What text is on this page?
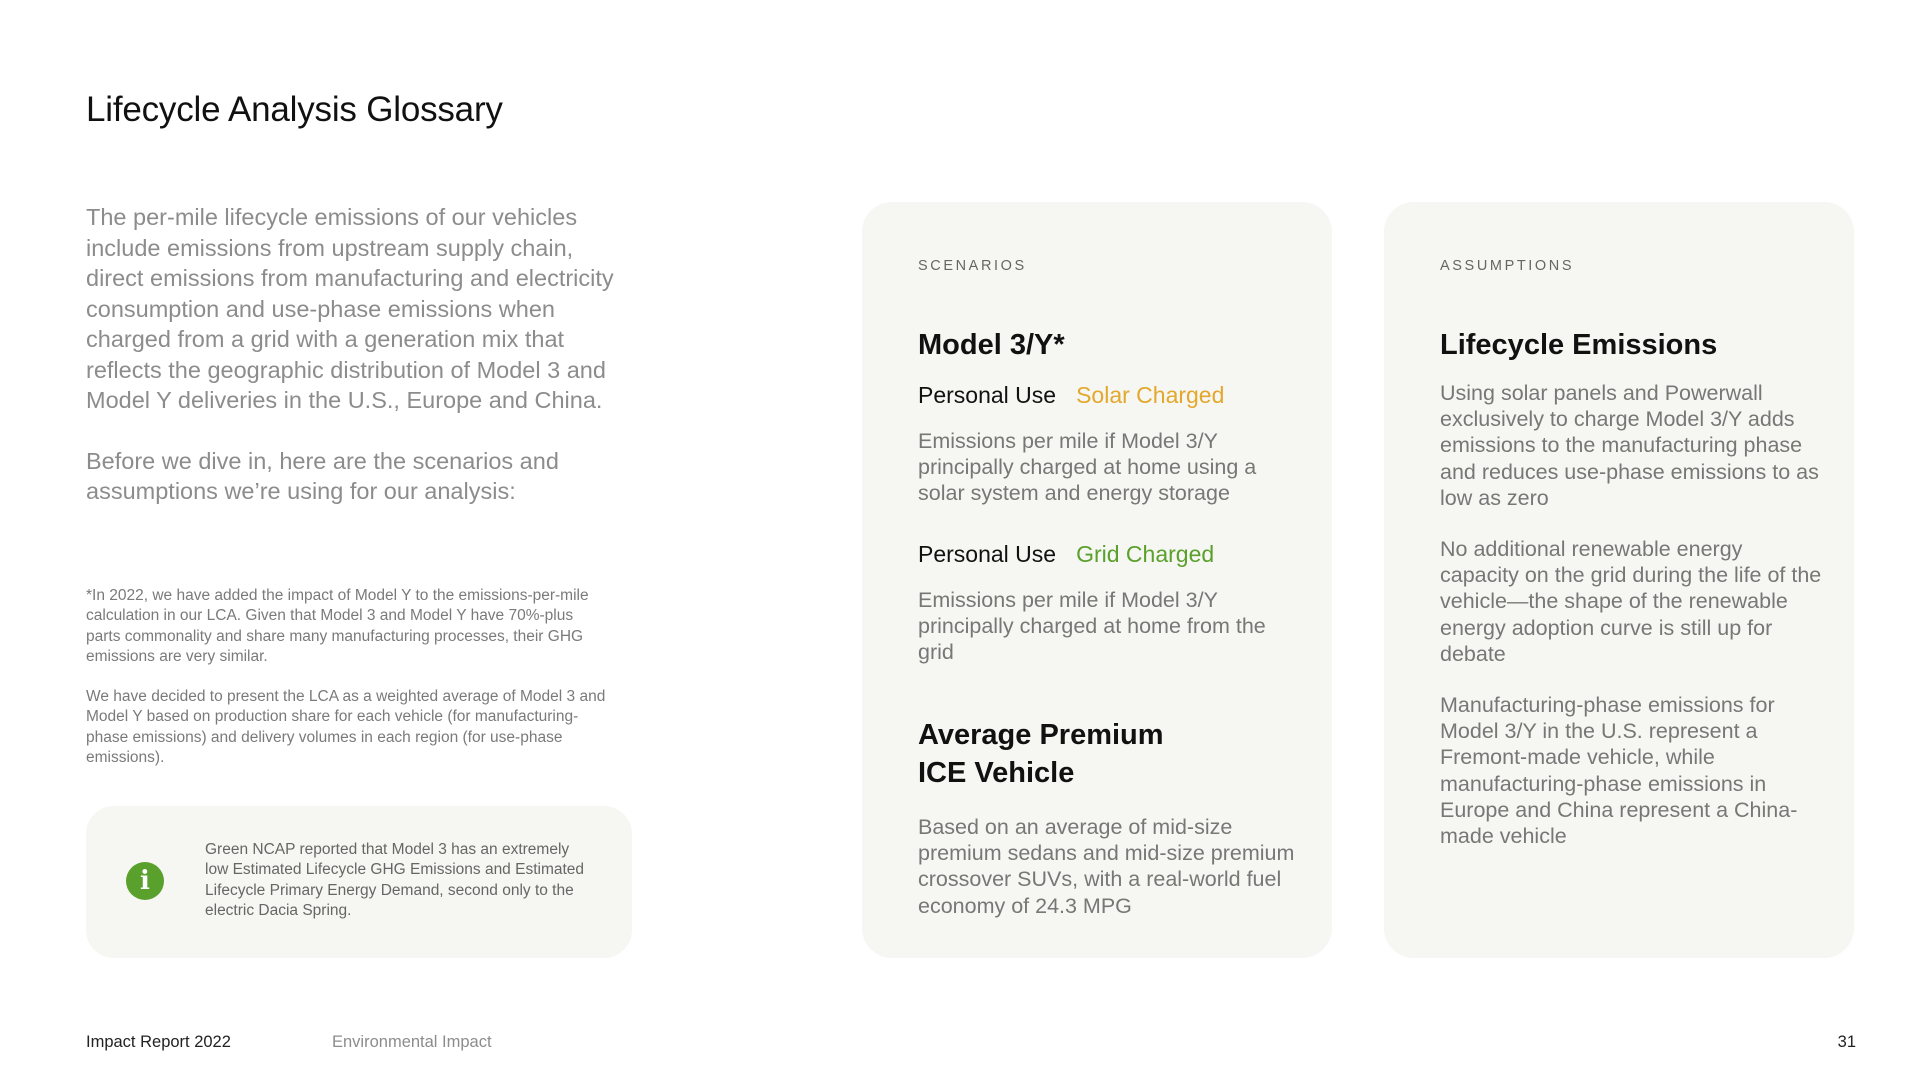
Lifecycle Analysis Glossary

The per-mile lifecycle emissions of our vehicles include emissions from upstream supply chain, direct emissions from manufacturing and electricity consumption and use-phase emissions when charged from a grid with a generation mix that reflects the geographic distribution of Model 3 and Model Y deliveries in the U.S., Europe and China.

Before we dive in, here are the scenarios and assumptions we’re using for our analysis:

*In 2022, we have added the impact of Model Y to the emissions-per-mile calculation in our LCA. Given that Model 3 and Model Y have 70%-plus parts commonality and share many manufacturing processes, their GHG emissions are very similar.

We have decided to present the LCA as a weighted average of Model 3 and Model Y based on production share for each vehicle (for manufacturing-phase emissions) and delivery volumes in each region (for use-phase emissions).

i

Green NCAP reported that Model 3 has an extremely low Estimated Lifecycle GHG Emissions and Estimated Lifecycle Primary Energy Demand, second only to the electric Dacia Spring.

SCENARIOS
Model 3/Y*
Personal Use Solar Charged

Emissions per mile if Model 3/Y principally charged at home using a solar system and energy storage

Personal Use Grid Charged

Emissions per mile if Model 3/Y principally charged at home from the grid

Average Premium
ICE Vehicle

Based on an average of mid-size premium sedans and mid-size premium crossover SUVs, with a real-world fuel economy of 24.3 MPG

ASSUMPTIONS
Lifecycle Emissions

Using solar panels and Powerwall exclusively to charge Model 3/Y adds emissions to the manufacturing phase and reduces use-phase emissions to as low as zero

No additional renewable energy capacity on the grid during the life of the vehicle—the shape of the renewable energy adoption curve is still up for debate

Manufacturing-phase emissions for Model 3/Y in the U.S. represent a Fremont-made vehicle, while manufacturing-phase emissions in Europe and China represent a China-made vehicle

Impact Report 2022	Environmental Impact	31
